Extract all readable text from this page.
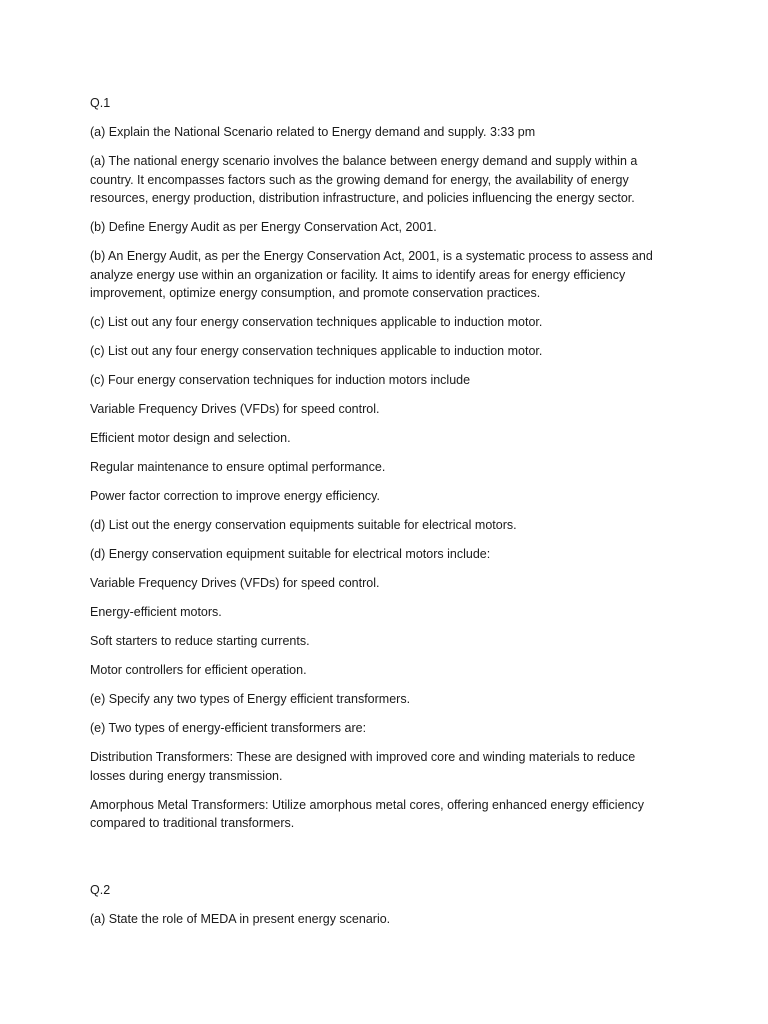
Q.1
(a) Explain the National Scenario related to Energy demand and supply. 3:33 pm
(a) The national energy scenario involves the balance between energy demand and supply within a country. It encompasses factors such as the growing demand for energy, the availability of energy resources, energy production, distribution infrastructure, and policies influencing the energy sector.
(b) Define Energy Audit as per Energy Conservation Act, 2001.
(b) An Energy Audit, as per the Energy Conservation Act, 2001, is a systematic process to assess and analyze energy use within an organization or facility. It aims to identify areas for energy efficiency improvement, optimize energy consumption, and promote conservation practices.
(c) List out any four energy conservation techniques applicable to induction motor.
(c) List out any four energy conservation techniques applicable to induction motor.
(c) Four energy conservation techniques for induction motors include
Variable Frequency Drives (VFDs) for speed control.
Efficient motor design and selection.
Regular maintenance to ensure optimal performance.
Power factor correction to improve energy efficiency.
(d) List out the energy conservation equipments suitable for electrical motors.
(d) Energy conservation equipment suitable for electrical motors include:
Variable Frequency Drives (VFDs) for speed control.
Energy-efficient motors.
Soft starters to reduce starting currents.
Motor controllers for efficient operation.
(e) Specify any two types of Energy efficient transformers.
(e) Two types of energy-efficient transformers are:
Distribution Transformers: These are designed with improved core and winding materials to reduce losses during energy transmission.
Amorphous Metal Transformers: Utilize amorphous metal cores, offering enhanced energy efficiency compared to traditional transformers.
Q.2
(a) State the role of MEDA in present energy scenario.
